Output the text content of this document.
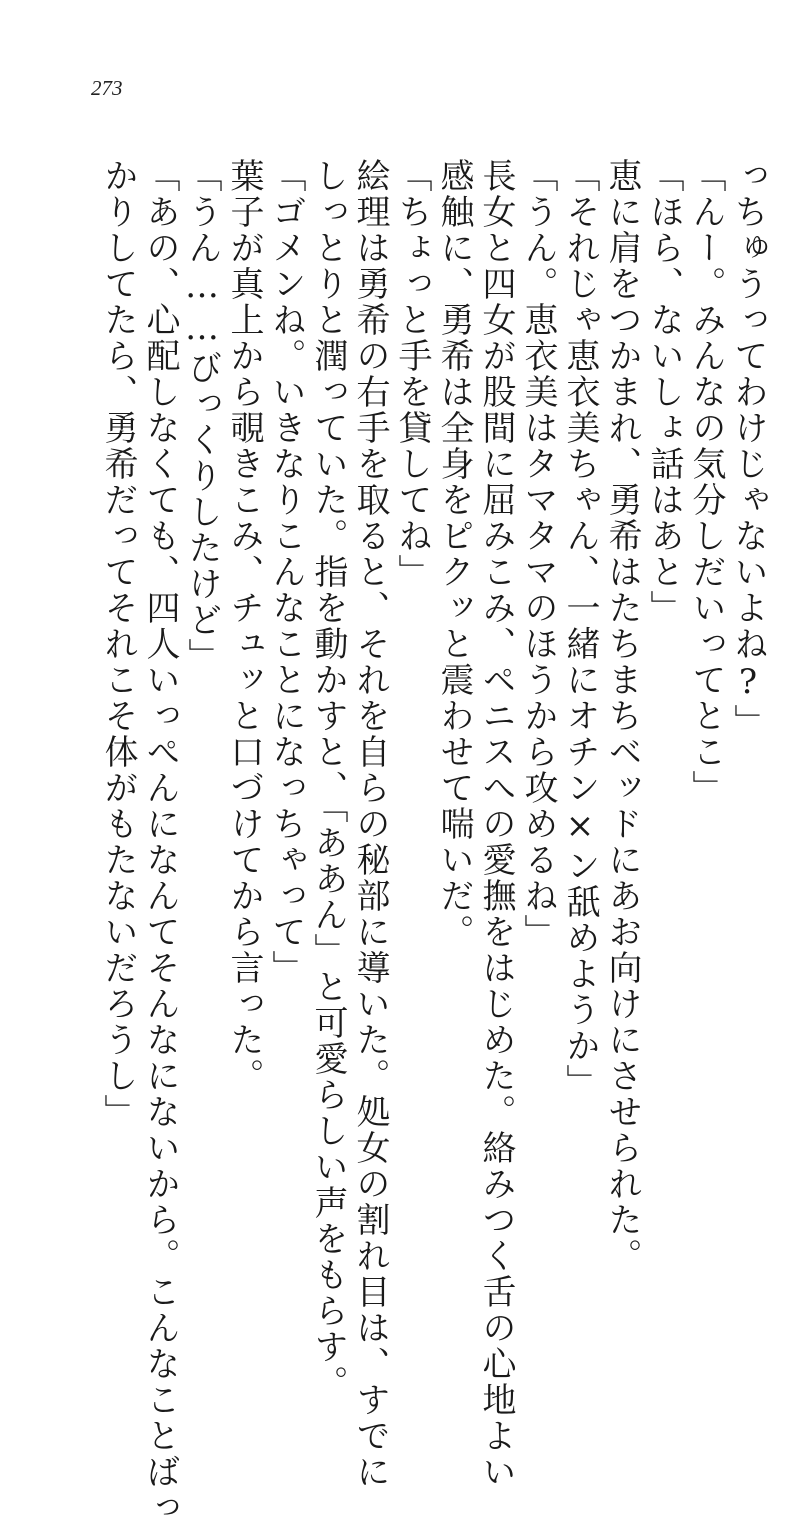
273
っちゅうってわけじゃないよね?」
「んー。みんなの気分しだいってとこ」
「ほら、ないしょ話はあと」
恵に肩をつかまれ、勇希はたちまちベッドにあお向けにさせられた。
「それじゃ恵衣美ちゃん、一緒にオチン×ン舐めようか」
「うん。恵衣美はタマタマのほうから攻めるね」
長女と四女が股間に屈みこみ、ペニスへの愛撫をはじめた。絡みつく舌の心地よい
感触に、勇希は全身をピクッと震わせて喘いだ。
「ちょっと手を貸してね」
絵理は勇希の右手を取ると、それを自らの秘部に導いた。処女の割れ目は、すでに
しっとりと潤っていた。指を動かすと、「ああん」と可愛らしい声をもらす。
「ゴメンね。いきなりこんなことになっちゃって」
葉子が真上から覗きこみ、チュッと口づけてから言った。
「うん……びっくりしたけど」
「あの、心配しなくても、四人いっぺんになんてそんなにないから。こんなことばっ
かりしてたら、勇希だってそれこそ体がもたないだろうし」
